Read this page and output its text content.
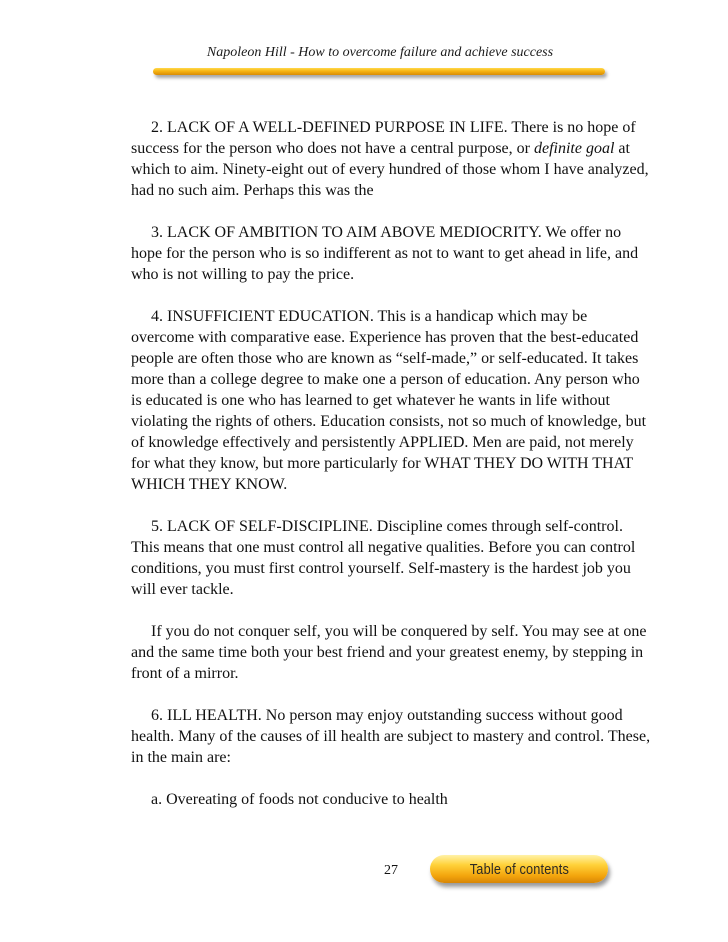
Napoleon Hill - How to overcome failure and achieve success

2. LACK OF A WELL-DEFINED PURPOSE IN LIFE. There is no hope of success for the person who does not have a central purpose, or definite goal at which to aim. Ninety-eight out of every hundred of those whom I have analyzed, had no such aim. Perhaps this was the

3. LACK OF AMBITION TO AIM ABOVE MEDIOCRITY. We offer no hope for the person who is so indifferent as not to want to get ahead in life, and who is not willing to pay the price.

4. INSUFFICIENT EDUCATION. This is a handicap which may be overcome with comparative ease. Experience has proven that the best-educated people are often those who are known as “self-made,” or self-educated. It takes more than a college degree to make one a person of education. Any person who is educated is one who has learned to get whatever he wants in life without violating the rights of others. Education consists, not so much of knowledge, but of knowledge effectively and persistently APPLIED. Men are paid, not merely for what they know, but more particularly for WHAT THEY DO WITH THAT WHICH THEY KNOW.

5. LACK OF SELF-DISCIPLINE. Discipline comes through self-control. This means that one must control all negative qualities. Before you can control conditions, you must first control yourself. Self-mastery is the hardest job you will ever tackle.

If you do not conquer self, you will be conquered by self. You may see at one and the same time both your best friend and your greatest enemy, by stepping in front of a mirror.

6. ILL HEALTH. No person may enjoy outstanding success without good health. Many of the causes of ill health are subject to mastery and control. These, in the main are:

a. Overeating of foods not conducive to health

27	Table of contents
